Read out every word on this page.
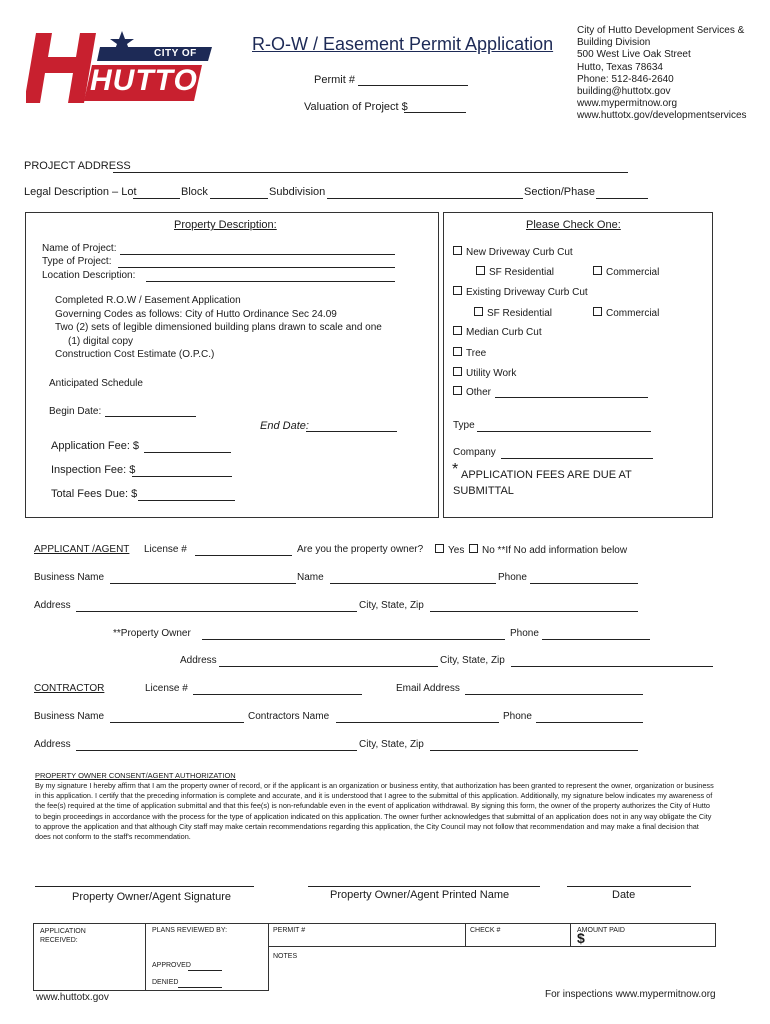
CITY OF
HUTTO
R-O-W / Easement Permit Application
Permit #
Valuation of Project $
City of Hutto Development Services &
Building Division
500 West Live Oak Street
Hutto, Texas 78634
Phone: 512-846-2640
building@huttotx.gov
www.mypermitnow.org
www.huttotx.gov/developmentservices
PROJECT ADDRESS
Legal Description – Lot	Block	Subdivision	Section/Phase
Property Description:
Name of Project:
Type of Project:
Location Description:
Completed R.O.W / Easement Application
Governing Codes as follows: City of Hutto Ordinance Sec 24.09
Two (2) sets of legible dimensioned building plans drawn to scale and one
(1) digital copy
Construction Cost Estimate (O.P.C.)
Anticipated Schedule
Begin Date:
End Date:
Application Fee: $
Inspection Fee: $
Total Fees Due: $
Please Check One:
New Driveway Curb Cut
SF Residential	Commercial
Existing Driveway Curb Cut
SF Residential	Commercial
Median Curb Cut
Tree
Utility Work
Other
Type
Company
* APPLICATION FEES ARE DUE AT
SUBMITTAL
APPLICANT /AGENT License #	Are you the property owner?	Yes	No **If No add information below
Business Name	Name	Phone
Address	City, State, Zip
**Property Owner	Phone
Address	City, State, Zip
CONTRACTOR	License #	Email Address
Business Name	Contractors Name	Phone
Address	City, State, Zip
PROPERTY OWNER CONSENT/AGENT AUTHORIZATION
By my signature I hereby affirm that I am the property owner of record, or if the applicant is an organization or business entity, that authorization has been granted to represent the owner, organization or business in this application. I certify that the preceding information is complete and accurate, and it is understood that I agree to the submittal of this application. Additionally, my signature below indicates my awareness of the fee(s) required at the time of application submittal and that this fee(s) is non-refundable even in the event of application withdrawal. By signing this form, the owner of the property authorizes the City of Hutto to begin proceedings in accordance with the process for the type of application indicated on this application. The owner further acknowledges that submittal of an application does not in any way obligate the City to approve the application and that although City staff may make certain recommendations regarding this application, the City Council may not follow that recommendation and may make a final decision that does not conform to the staff's recommendation.
Property Owner/Agent Signature	Property Owner/Agent Printed Name	Date
APPLICATION
RECEIVED:
PLANS REVIEWED BY:
APPROVED
DENIED
PERMIT #	CHECK #	AMOUNT PAID
$
NOTES
www.huttotx.gov	For inspections www.mypermitnow.org
